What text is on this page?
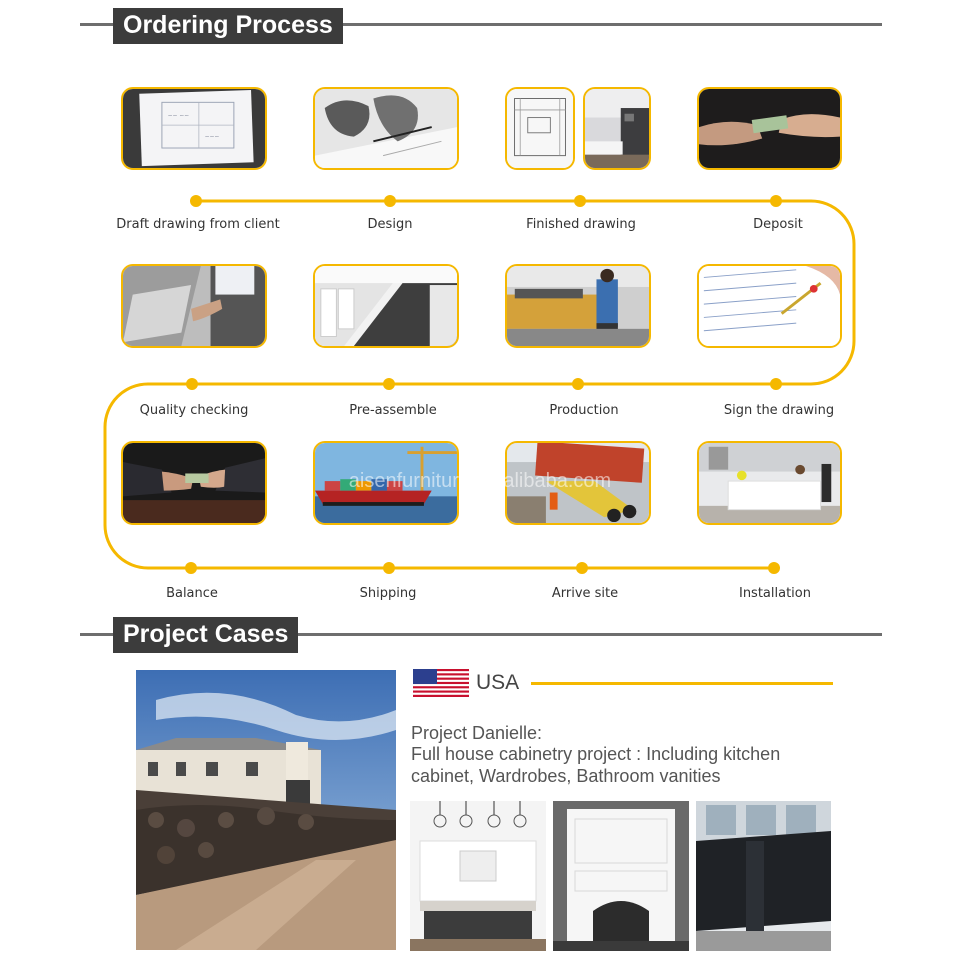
Ordering Process
~~ ~~
~~~
Draft drawing from client	Design	Finished drawing	Deposit
Quality checking	Pre-assemble	Production	Sign the drawing
aisenfurniture.en.alibaba.com
Balance	Shipping	Arrive site	Installation
Project Cases
USA
Project Danielle:
Full house cabinetry project : Including kitchen
cabinet, Wardrobes, Bathroom vanities
